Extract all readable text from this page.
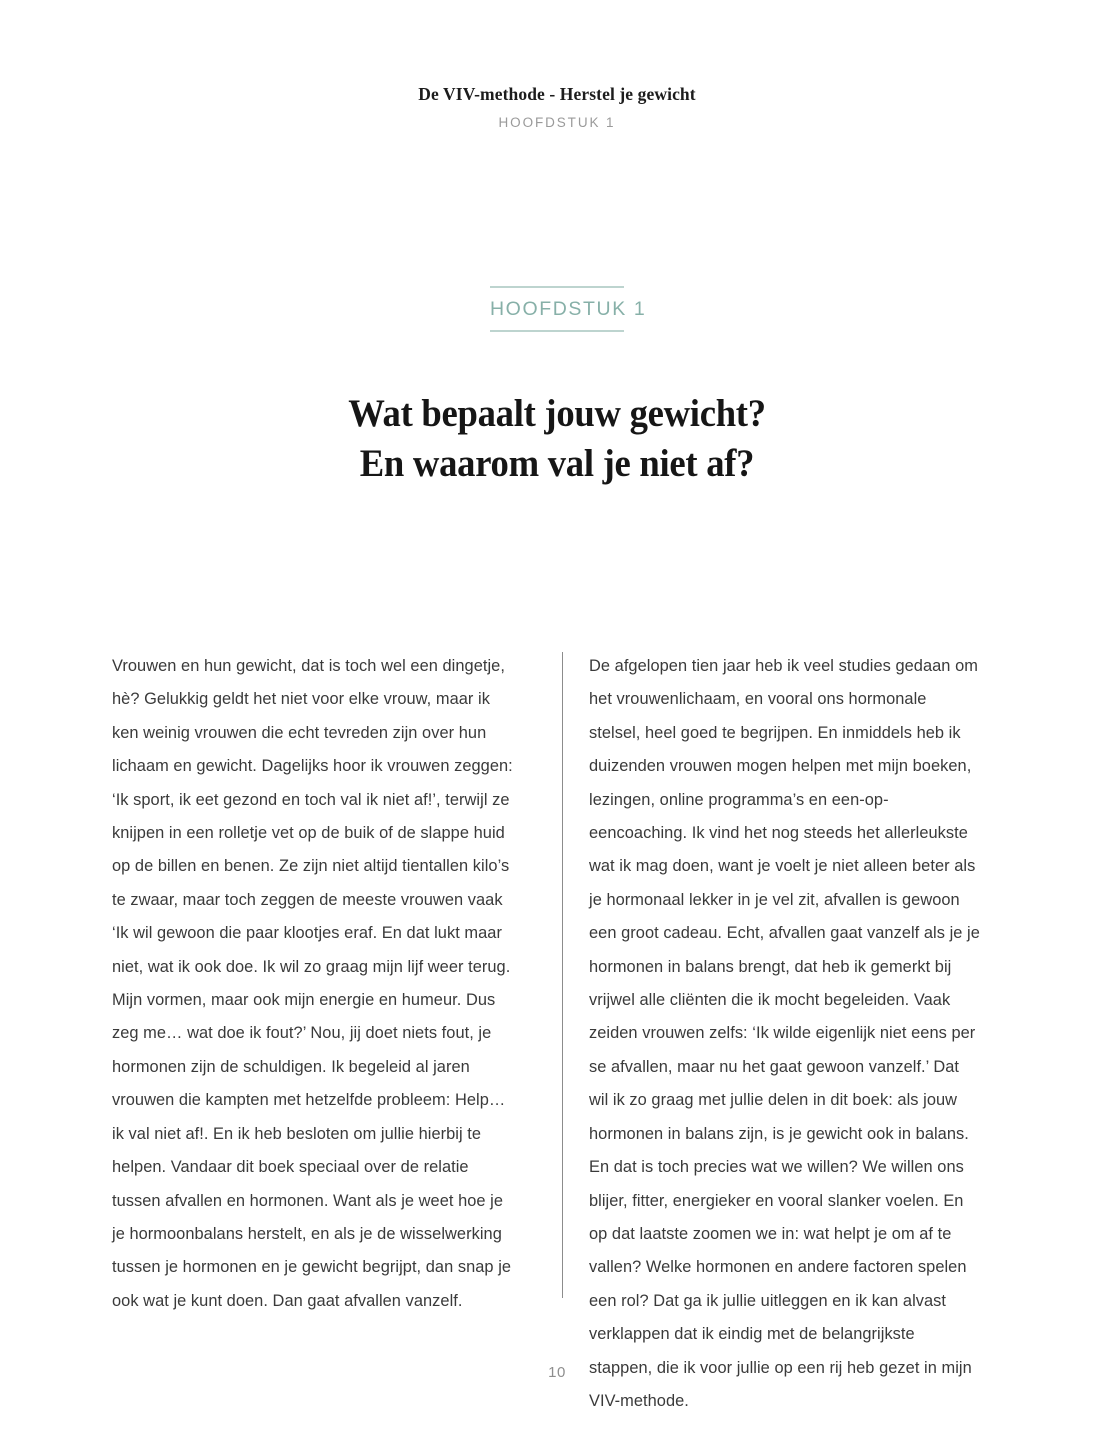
De VIV-methode - Herstel je gewicht
HOOFDSTUK 1
HOOFDSTUK 1
Wat bepaalt jouw gewicht?
En waarom val je niet af?

Vrouwen en hun gewicht, dat is toch wel een dingetje, hè? Gelukkig geldt het niet voor elke vrouw, maar ik ken weinig vrouwen die echt tevreden zijn over hun lichaam en gewicht. Dagelijks hoor ik vrouwen zeggen: ‘Ik sport, ik eet gezond en toch val ik niet af!’, terwijl ze knijpen in een rolletje vet op de buik of de slappe huid op de billen en benen. Ze zijn niet altijd tientallen kilo’s te zwaar, maar toch zeggen de meeste vrouwen vaak ‘Ik wil gewoon die paar klootjes eraf. En dat lukt maar niet, wat ik ook doe. Ik wil zo graag mijn lijf weer terug. Mijn vormen, maar ook mijn energie en humeur. Dus zeg me… wat doe ik fout?’ Nou, jij doet niets fout, je hormonen zijn de schuldigen. Ik begeleid al jaren vrouwen die kampten met hetzelfde probleem: Help… ik val niet af!. En ik heb besloten om jullie hierbij te helpen. Vandaar dit boek speciaal over de relatie tussen afvallen en hormonen. Want als je weet hoe je je hormoonbalans herstelt, en als je de wisselwerking tussen je hormonen en je gewicht begrijpt, dan snap je ook wat je kunt doen. Dan gaat afvallen vanzelf.

De afgelopen tien jaar heb ik veel studies gedaan om het vrouwenlichaam, en vooral ons hormonale stelsel, heel goed te begrijpen. En inmiddels heb ik duizenden vrouwen mogen helpen met mijn boeken, lezingen, online programma’s en een-op-eencoaching. Ik vind het nog steeds het allerleukste wat ik mag doen, want je voelt je niet alleen beter als je hormonaal lekker in je vel zit, afvallen is gewoon een groot cadeau. Echt, afvallen gaat vanzelf als je je hormonen in balans brengt, dat heb ik gemerkt bij vrijwel alle cliënten die ik mocht begeleiden. Vaak zeiden vrouwen zelfs: ‘Ik wilde eigenlijk niet eens per se afvallen, maar nu het gaat gewoon vanzelf.’ Dat wil ik zo graag met jullie delen in dit boek: als jouw hormonen in balans zijn, is je gewicht ook in balans. En dat is toch precies wat we willen? We willen ons blijer, fitter, energieker en vooral slanker voelen. En op dat laatste zoomen we in: wat helpt je om af te vallen? Welke hormonen en andere factoren spelen een rol? Dat ga ik jullie uitleggen en ik kan alvast verklappen dat ik eindig met de belangrijkste stappen, die ik voor jullie op een rij heb gezet in mijn VIV-methode.

10
